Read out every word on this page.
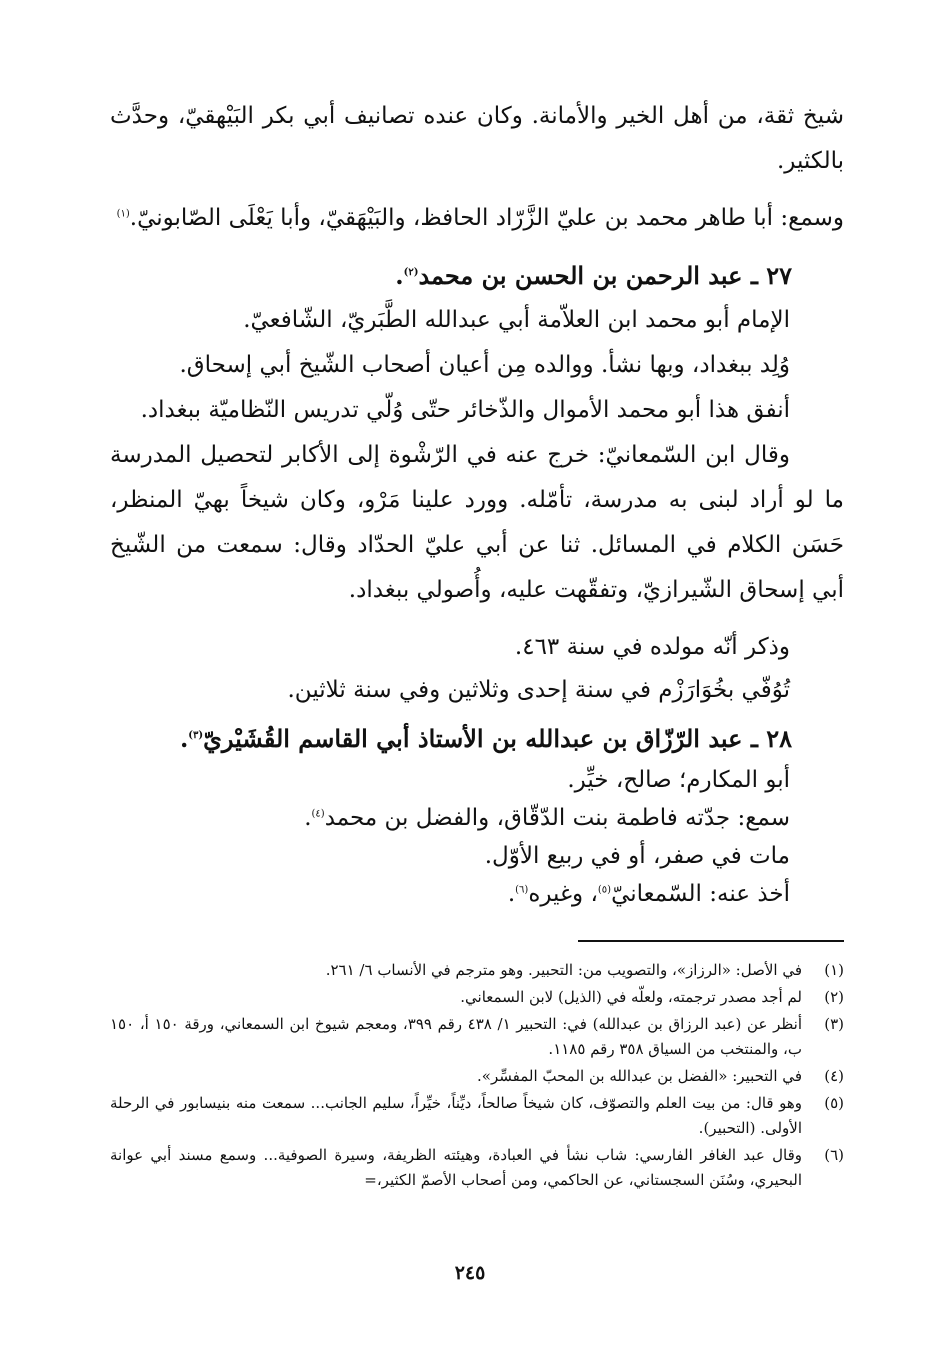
شيخ ثقة، من أهل الخير والأمانة. وكان عنده تصانيف أبي بكر البَيْهقيّ، وحدَّث بالكثير.

وسمع: أبا طاهر محمد بن عليّ الزَّرّاد الحافظ، والبَيْهَقيّ، وأبا يَعْلَى الصّابونيّ.$^{(١)}$

٢٧ ـ عبد الرحمن بن الحسن بن محمد$^{(٢)}$.

الإمام أبو محمد ابن العلاّمة أبي عبدالله الطَّبَريّ، الشّافعيّ.

وُلِد ببغداد، وبها نشأ. ووالده مِن أعيان أصحاب الشّيخ أبي إسحاق.

أنفق هذا أبو محمد الأموال والذّخائر حتّى وُلّي تدريس النّظاميّة ببغداد.

وقال ابن السّمعانيّ: خرج عنه في الرّشْوة إلى الأكابر لتحصيل المدرسة ما لو أراد لبنى به مدرسة، تأمّله. وورد علينا مَرْو، وكان شيخاً بهيّ المنظر، حَسَن الكلام في المسائل. ثنا عن أبي عليّ الحدّاد وقال: سمعت من الشّيخ أبي إسحاق الشّيرازيّ، وتفقّهت عليه، وأُصولي ببغداد.

وذكر أنّه مولده في سنة ٤٦٣.

تُوُفّي بخُوَارَزْم في سنة إحدى وثلاثين وفي سنة ثلاثين.

٢٨ ـ عبد الرّزّاق بن عبدالله بن الأستاذ أبي القاسم القُشَيْريّ$^{(٣)}$.

أبو المكارم؛ صالح، خيِّر.

سمع: جدّته فاطمة بنت الدّقّاق، والفضل بن محمد$^{(٤)}$.

مات في صفر، أو في ربيع الأوّل.

أخذ عنه: السّمعانيّ$^{(٥)}$، وغيره$^{(٦)}$.

(١)
في الأصل: «الرزاز»، والتصويب من: التحبير. وهو مترجم في الأنساب ٦/ ٢٦١.
(٢)
لم أجد مصدر ترجمته، ولعلّه في (الذيل) لابن السمعاني.
(٣)
أنظر عن (عبد الرزاق بن عبدالله) في: التحبير ١/ ٤٣٨ رقم ٣٩٩، ومعجم شيوخ ابن السمعاني، ورقة ١٥٠ أ، ١٥٠ ب، والمنتخب من السياق ٣٥٨ رقم ١١٨٥.
(٤)
في التحبير: «الفضل بن عبدالله بن المحبّ المفسِّر».
(٥)
وهو قال: من بيت العلم والتصوّف، كان شيخاً صالحاً، ديِّناً، خيِّراً، سليم الجانب... سمعت منه بنيسابور في الرحلة الأولى. (التحبير).
(٦)
وقال عبد الغافر الفارسي: شاب نشأ في العبادة، وهيئته الظريفة، وسيرة الصوفية... وسمع مسند أبي عوانة البحيري، وسُنَن السجستاني، عن الحاكمي، ومن أصحاب الأصمّ الكثير،=
٢٤٥
